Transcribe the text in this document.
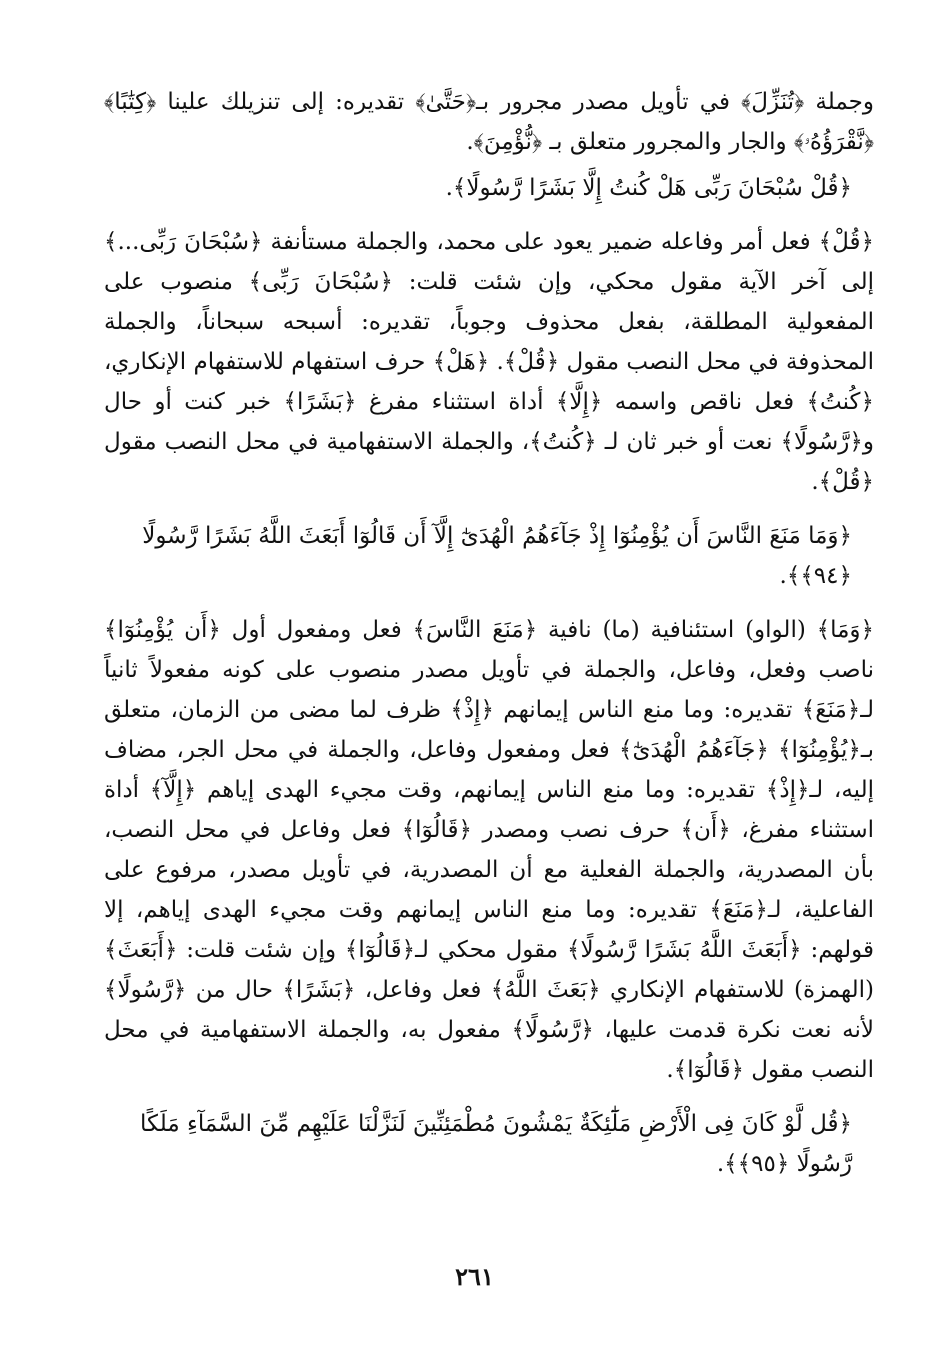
وجملة ﴿تُنَزِّلَ﴾ في تأويل مصدر مجرور بـ﴿حَتَّىٰ﴾ تقديره: إلى تنزيلك علينا ﴿كِتَٰبًا﴾ ﴿نَّقْرَؤُهُۥ﴾ والجار والمجرور متعلق بـ ﴿نُّؤْمِنَ﴾.

﴿قُلْ سُبْحَانَ رَبِّى هَلْ كُنتُ إِلَّا بَشَرًا رَّسُولًا﴾.

﴿قُلْ﴾ فعل أمر وفاعله ضمير يعود على محمد، والجملة مستأنفة ﴿سُبْحَانَ رَبِّى...﴾ إلى آخر الآية مقول محكي، وإن شئت قلت: ﴿سُبْحَانَ رَبِّى﴾ منصوب على المفعولية المطلقة، بفعل محذوف وجوباً، تقديره: أسبحه سبحاناً، والجملة المحذوفة في محل النصب مقول ﴿قُلْ﴾. ﴿هَلْ﴾ حرف استفهام للاستفهام الإنكاري، ﴿كُنتُ﴾ فعل ناقص واسمه ﴿إِلَّا﴾ أداة استثناء مفرغ ﴿بَشَرًا﴾ خبر كنت أو حال و﴿رَّسُولًا﴾ نعت أو خبر ثان لـ ﴿كُنتُ﴾، والجملة الاستفهامية في محل النصب مقول ﴿قُلْ﴾.

﴿وَمَا مَنَعَ النَّاسَ أَن يُؤْمِنُوٓا إِذْ جَآءَهُمُ الْهُدَىٰٓ إِلَّآ أَن قَالُوٓا أَبَعَثَ اللَّهُ بَشَرًا رَّسُولًا ﴿٩٤﴾﴾.

﴿وَمَا﴾ (الواو) استئنافية (ما) نافية ﴿مَنَعَ النَّاسَ﴾ فعل ومفعول أول ﴿أَن يُؤْمِنُوٓا﴾ ناصب وفعل، وفاعل، والجملة في تأويل مصدر منصوب على كونه مفعولاً ثانياً لـ﴿مَنَعَ﴾ تقديره: وما منع الناس إيمانهم ﴿إِذْ﴾ ظرف لما مضى من الزمان، متعلق بـ﴿يُؤْمِنُوٓا﴾ ﴿جَآءَهُمُ الْهُدَىٰٓ﴾ فعل ومفعول وفاعل، والجملة في محل الجر، مضاف إليه، لـ﴿إِذْ﴾ تقديره: وما منع الناس إيمانهم، وقت مجيء الهدى إياهم ﴿إِلَّآ﴾ أداة استثناء مفرغ، ﴿أَن﴾ حرف نصب ومصدر ﴿قَالُوٓا﴾ فعل وفاعل في محل النصب، بأن المصدرية، والجملة الفعلية مع أن المصدرية، في تأويل مصدر، مرفوع على الفاعلية، لـ﴿مَنَعَ﴾ تقديره: وما منع الناس إيمانهم وقت مجيء الهدى إياهم، إلا قولهم: ﴿أَبَعَثَ اللَّهُ بَشَرًا رَّسُولًا﴾ مقول محكي لـ﴿قَالُوٓا﴾ وإن شئت قلت: ﴿أَبَعَثَ﴾ (الهمزة) للاستفهام الإنكاري ﴿بَعَثَ اللَّهُ﴾ فعل وفاعل، ﴿بَشَرًا﴾ حال من ﴿رَّسُولًا﴾ لأنه نعت نكرة قدمت عليها، ﴿رَّسُولًا﴾ مفعول به، والجملة الاستفهامية في محل النصب مقول ﴿قَالُوٓا﴾.

﴿قُل لَّوْ كَانَ فِى الْأَرْضِ مَلَٰٓئِكَةٌ يَمْشُونَ مُطْمَئِنِّينَ لَنَزَّلْنَا عَلَيْهِم مِّنَ السَّمَآءِ مَلَكًا رَّسُولًا ﴿٩٥﴾﴾.

٢٦١
